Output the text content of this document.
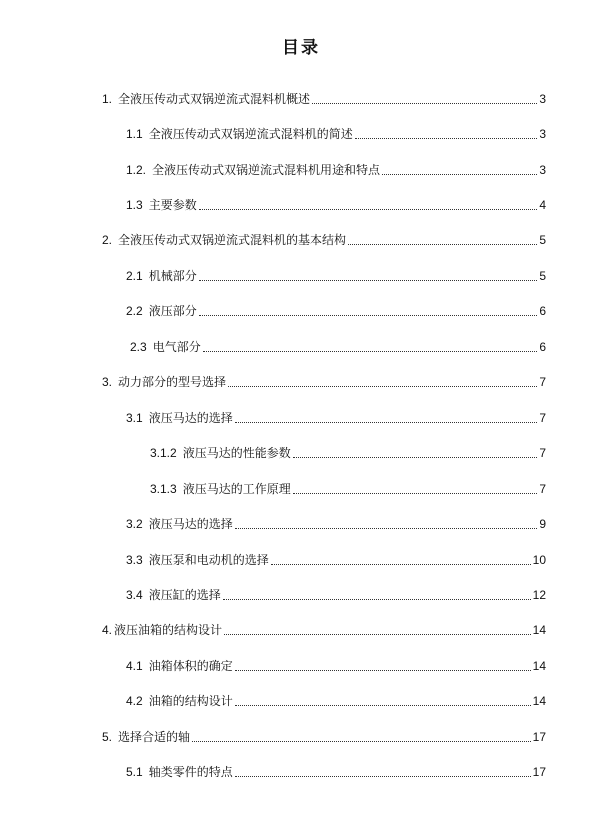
目录
1. 全液压传动式双锅逆流式混料机概述	3
1.1 全液压传动式双锅逆流式混料机的简述	3
1.2. 全液压传动式双锅逆流式混料机用途和特点	3
1.3 主要参数	4
2. 全液压传动式双锅逆流式混料机的基本结构	5
2.1 机械部分	5
2.2 液压部分	6
2.3 电气部分	6
3. 动力部分的型号选择	7
3.1 液压马达的选择	7
3.1.2 液压马达的性能参数	7
3.1.3 液压马达的工作原理	7
3.2 液压马达的选择	9
3.3 液压泵和电动机的选择	10
3.4 液压缸的选择	12
4. 液压油箱的结构设计	14
4.1 油箱体积的确定	14
4.2 油箱的结构设计	14
5. 选择合适的轴	17
5.1 轴类零件的特点	17
